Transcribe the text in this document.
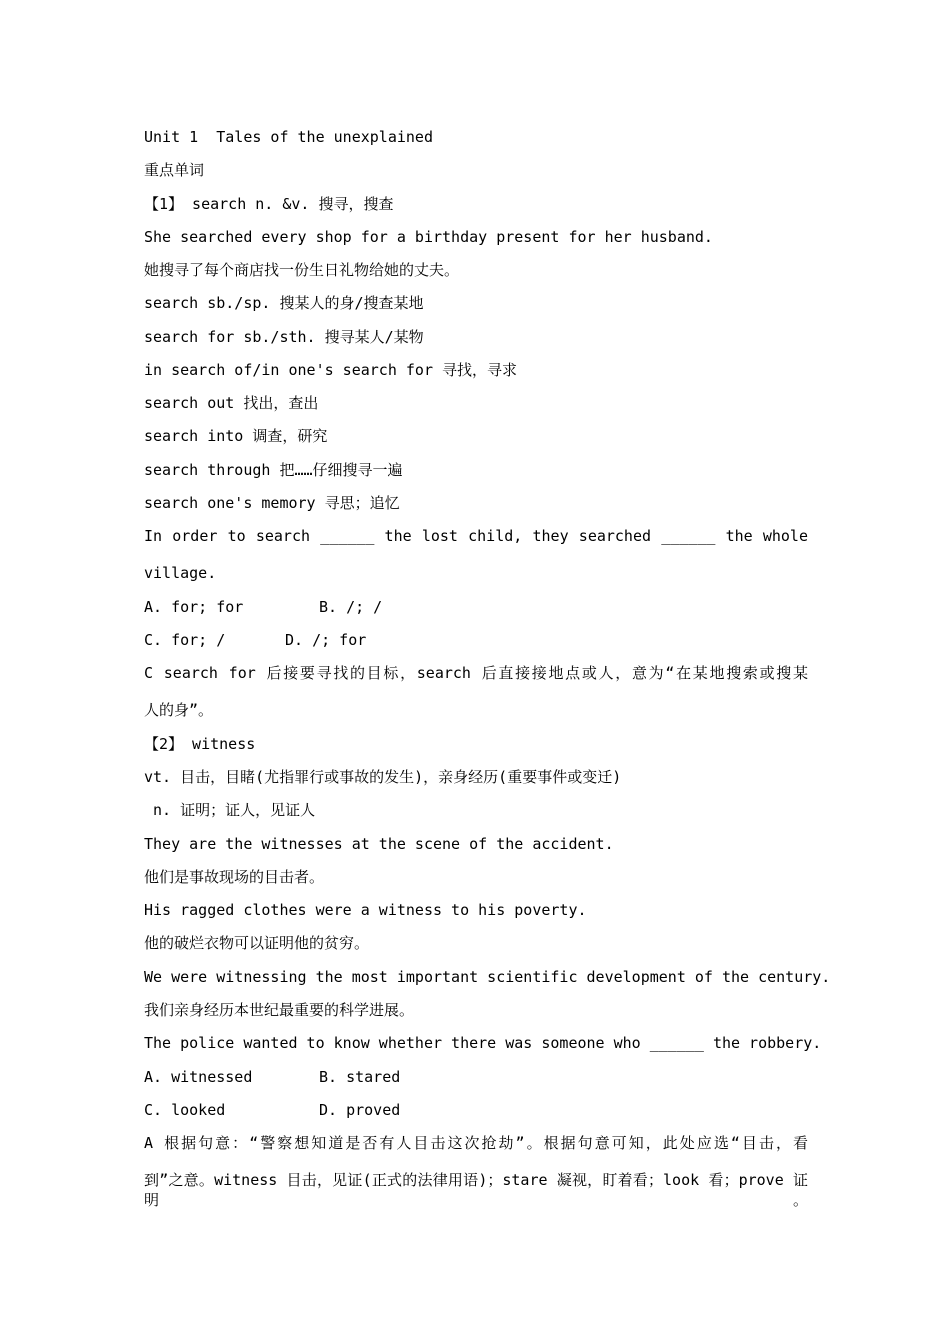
Unit 1  Tales of the unexplained
重点单词
【1】 search n. &v. 搜寻，搜查
She searched every shop for a birthday present for her husband.
她搜寻了每个商店找一份生日礼物给她的丈夫。
search sb./sp. 搜某人的身/搜查某地
search for sb./sth. 搜寻某人/某物
in search of/in one's search for 寻找，寻求
search out 找出，查出
search into 调查，研究
search through 把……仔细搜寻一遍
search one's memory 寻思；追忆
In order to search ______ the lost child, they searched ______ the whole
village.
A. for; for	B. /; /
C. for; /	D. /; for
C search for 后接要寻找的目标，search 后直接接地点或人，意为“在某地搜索或搜某
人的身”。
【2】 witness
vt. 目击，目睹(尤指罪行或事故的发生)，亲身经历(重要事件或变迁)
n. 证明；证人，见证人
They are the witnesses at the scene of the accident.
他们是事故现场的目击者。
His ragged clothes were a witness to his poverty.
他的破烂衣物可以证明他的贫穷。
We were witnessing the most important scientific development of the century.
我们亲身经历本世纪最重要的科学进展。
The police wanted to know whether there was someone who ______ the robbery.
A. witnessed	B. stared
C. looked	D. proved
A 根据句意：“警察想知道是否有人目击这次抢劫”。根据句意可知，此处应选“目击，看
到”之意。witness 目击，见证(正式的法律用语)；stare 凝视，盯着看；look 看；prove 证明。
